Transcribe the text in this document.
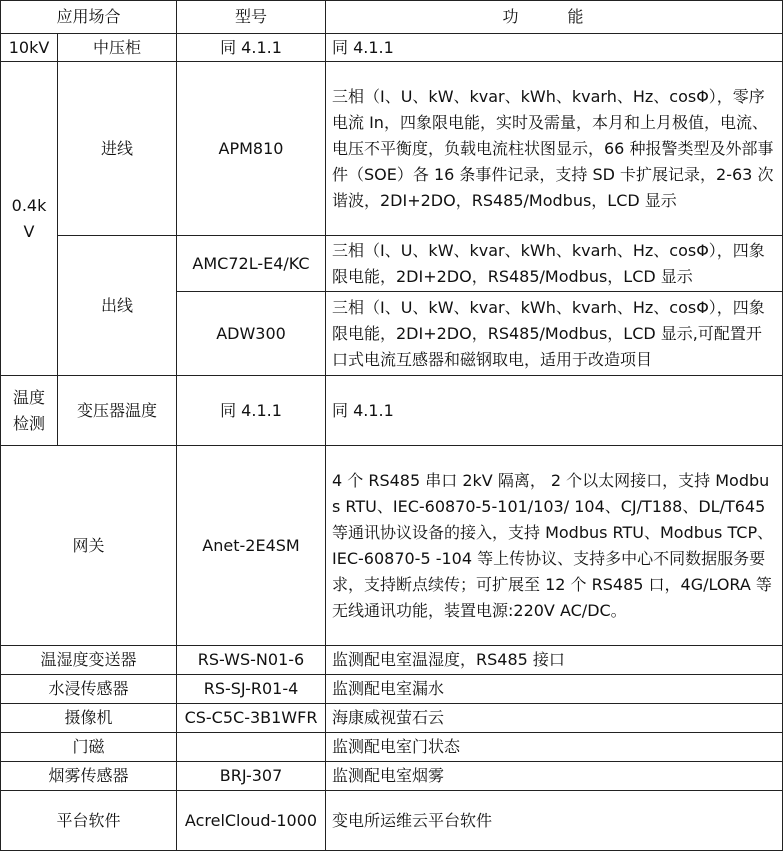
应用场合		型号	功 能
10kV	中压柜	同 4.1.1	同 4.1.1
0.4k V	进线	APM810	三相（I、U、kW、kvar、kWh、kvarh、Hz、cosΦ），零序电流 In，四象限电能，实时及需量，本月和上月极值，电流、电压不平衡度，负载电流柱状图显示，66 种报警类型及外部事件（SOE）各 16 条事件记录，支持 SD 卡扩展记录，2-63 次谐波，2DI+2DO，RS485/Modbus，LCD 显示
	出线	AMC72L-E4/KC	三相（I、U、kW、kvar、kWh、kvarh、Hz、cosΦ），四象限电能，2DI+2DO，RS485/Modbus，LCD 显示
		ADW300	三相（I、U、kW、kvar、kWh、kvarh、Hz、cosΦ），四象限电能，2DI+2DO，RS485/Modbus，LCD 显示,可配置开口式电流互感器和磁钢取电，适用于改造项目
温度检测	变压器温度	同 4.1.1	同 4.1.1
网关		Anet-2E4SM	4 个 RS485 串口 2kV 隔离， 2 个以太网接口，支持 Modbus RTU、IEC-60870-5-101/103/ 104、CJ/T188、DL/T645 等通讯协议设备的接入，支持 Modbus RTU、Modbus TCP、IEC-60870-5 -104 等上传协议、支持多中心不同数据服务要求，支持断点续传；可扩展至 12 个 RS485 口，4G/LORA 等无线通讯功能，装置电源:220V AC/DC。
温湿度变送器		RS-WS-N01-6	监测配电室温湿度，RS485 接口
水浸传感器		RS-SJ-R01-4	监测配电室漏水
摄像机		CS-C5C-3B1WFR	海康威视萤石云
门磁			监测配电室门状态
烟雾传感器		BRJ-307	监测配电室烟雾
平台软件		AcrelCloud-1000	变电所运维云平台软件
